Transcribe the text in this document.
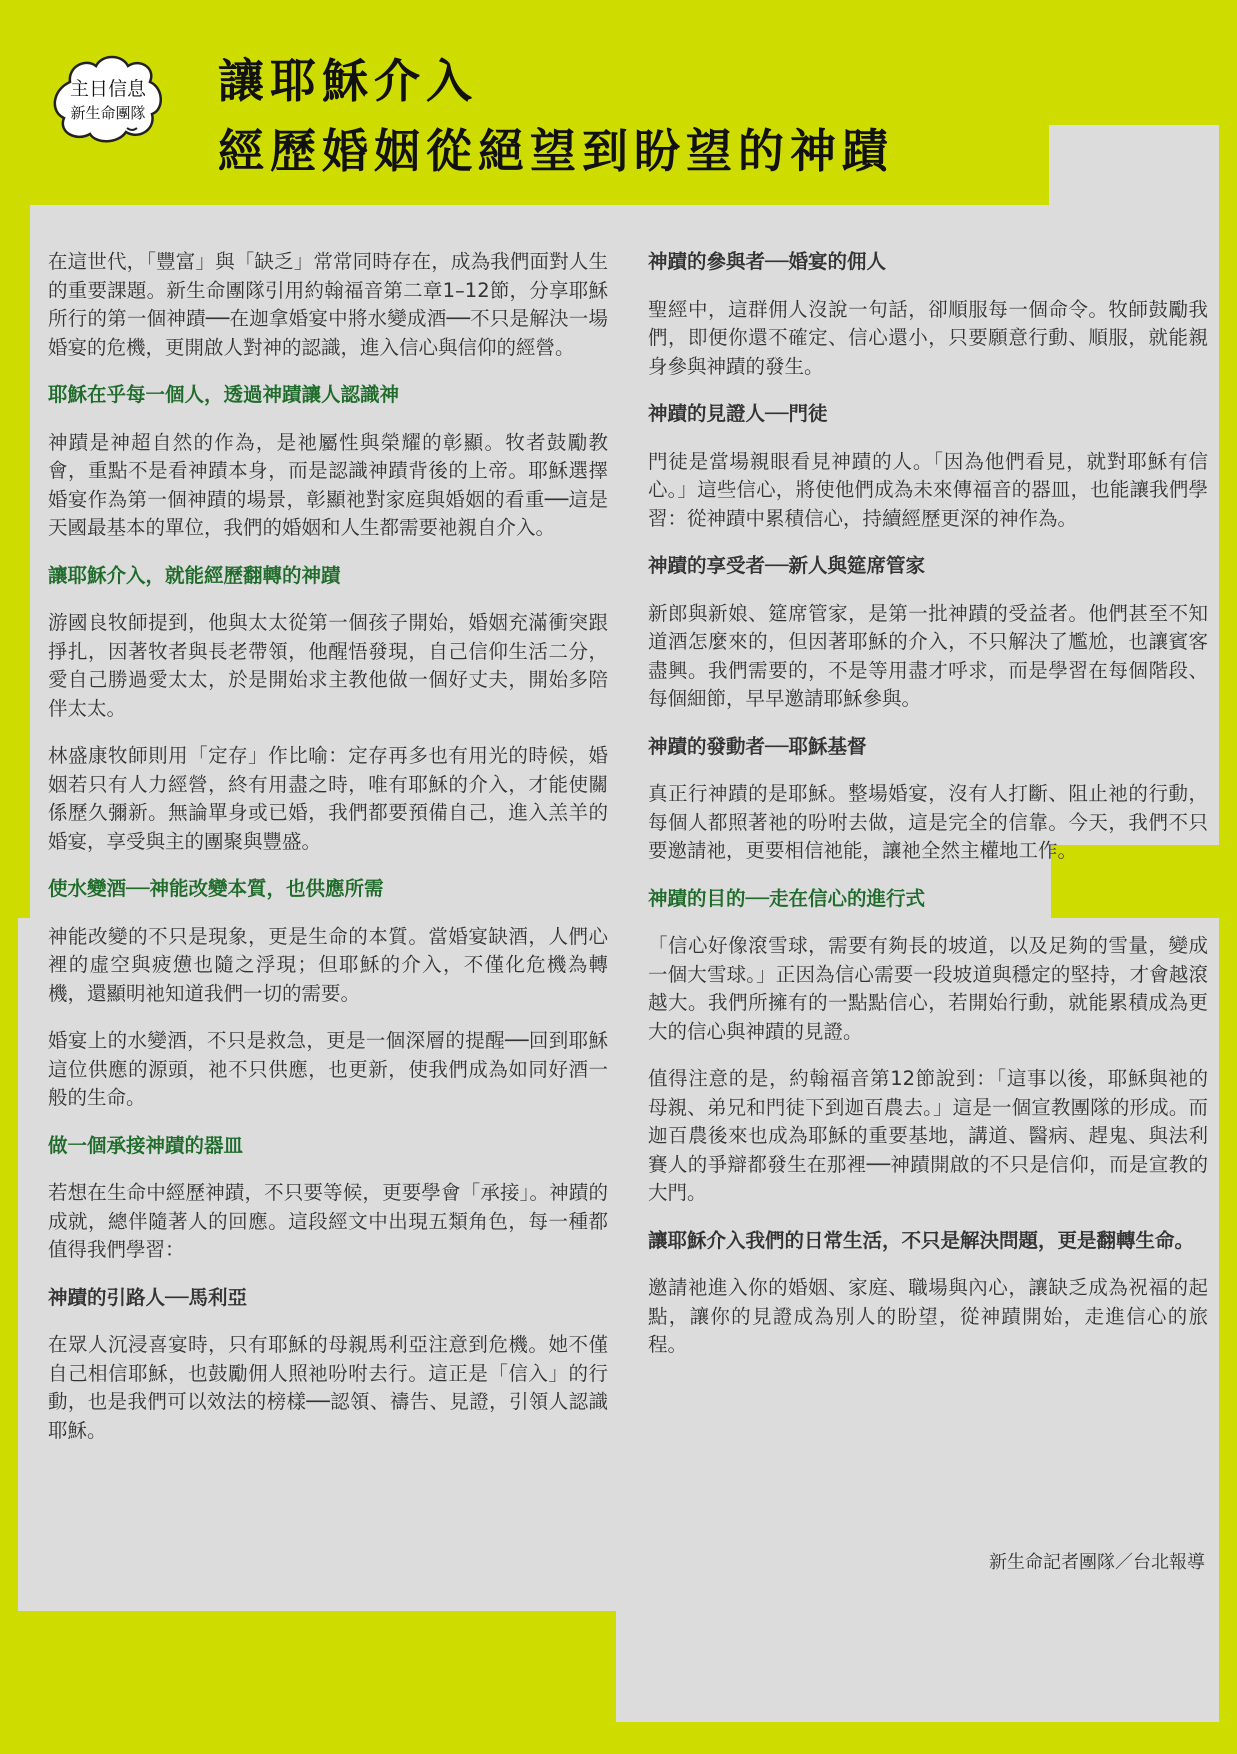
主日信息
新生命團隊
讓耶穌介入
經歷婚姻從絕望到盼望的神蹟

在這世代，「豐富」與「缺乏」常常同時存在，成為我們面對人生的重要課題。新生命團隊引用約翰福音第二章1–12節，分享耶穌所行的第一個神蹟──在迦拿婚宴中將水變成酒──不只是解決一場婚宴的危機，更開啟人對神的認識，進入信心與信仰的經營。

耶穌在乎每一個人，透過神蹟讓人認識神

神蹟是神超自然的作為，是祂屬性與榮耀的彰顯。牧者鼓勵教會，重點不是看神蹟本身，而是認識神蹟背後的上帝。耶穌選擇婚宴作為第一個神蹟的場景，彰顯祂對家庭與婚姻的看重──這是天國最基本的單位，我們的婚姻和人生都需要祂親自介入。

讓耶穌介入，就能經歷翻轉的神蹟

游國良牧師提到，他與太太從第一個孩子開始，婚姻充滿衝突跟掙扎，因著牧者與長老帶領，他醒悟發現，自己信仰生活二分，愛自己勝過愛太太，於是開始求主教他做一個好丈夫，開始多陪伴太太。

林盛康牧師則用「定存」作比喻：定存再多也有用光的時候，婚姻若只有人力經營，終有用盡之時，唯有耶穌的介入，才能使關係歷久彌新。無論單身或已婚，我們都要預備自己，進入羔羊的婚宴，享受與主的團聚與豐盛。

使水變酒──神能改變本質，也供應所需

神能改變的不只是現象，更是生命的本質。當婚宴缺酒，人們心裡的虛空與疲憊也隨之浮現；但耶穌的介入，不僅化危機為轉機，還顯明祂知道我們一切的需要。

婚宴上的水變酒，不只是救急，更是一個深層的提醒──回到耶穌這位供應的源頭，祂不只供應，也更新，使我們成為如同好酒一般的生命。

做一個承接神蹟的器皿

若想在生命中經歷神蹟，不只要等候，更要學會「承接」。神蹟的成就，總伴隨著人的回應。這段經文中出現五類角色，每一種都值得我們學習：

神蹟的引路人──馬利亞

在眾人沉浸喜宴時，只有耶穌的母親馬利亞注意到危機。她不僅自己相信耶穌，也鼓勵佣人照祂吩咐去行。這正是「信入」的行動，也是我們可以效法的榜樣──認領、禱告、見證，引領人認識耶穌。

神蹟的參與者──婚宴的佣人

聖經中，這群佣人沒說一句話，卻順服每一個命令。牧師鼓勵我們，即便你還不確定、信心還小，只要願意行動、順服，就能親身參與神蹟的發生。

神蹟的見證人──門徒

門徒是當場親眼看見神蹟的人。「因為他們看見，就對耶穌有信心。」這些信心，將使他們成為未來傳福音的器皿，也能讓我們學習：從神蹟中累積信心，持續經歷更深的神作為。

神蹟的享受者──新人與筵席管家

新郎與新娘、筵席管家，是第一批神蹟的受益者。他們甚至不知道酒怎麼來的，但因著耶穌的介入，不只解決了尷尬，也讓賓客盡興。我們需要的，不是等用盡才呼求，而是學習在每個階段、每個細節，早早邀請耶穌參與。

神蹟的發動者──耶穌基督

真正行神蹟的是耶穌。整場婚宴，沒有人打斷、阻止祂的行動，每個人都照著祂的吩咐去做，這是完全的信靠。今天，我們不只要邀請祂，更要相信祂能，讓祂全然主權地工作。

神蹟的目的──走在信心的進行式

「信心好像滾雪球，需要有夠長的坡道，以及足夠的雪量，變成一個大雪球。」正因為信心需要一段坡道與穩定的堅持，才會越滾越大。我們所擁有的一點點信心，若開始行動，就能累積成為更大的信心與神蹟的見證。

值得注意的是，約翰福音第12節說到：「這事以後，耶穌與祂的母親、弟兄和門徒下到迦百農去。」這是一個宣教團隊的形成。而迦百農後來也成為耶穌的重要基地，講道、醫病、趕鬼、與法利賽人的爭辯都發生在那裡──神蹟開啟的不只是信仰，而是宣教的大門。

讓耶穌介入我們的日常生活，不只是解決問題，更是翻轉生命。

邀請祂進入你的婚姻、家庭、職場與內心，讓缺乏成為祝福的起點，讓你的見證成為別人的盼望，從神蹟開始，走進信心的旅程。

新生命記者團隊／台北報導
